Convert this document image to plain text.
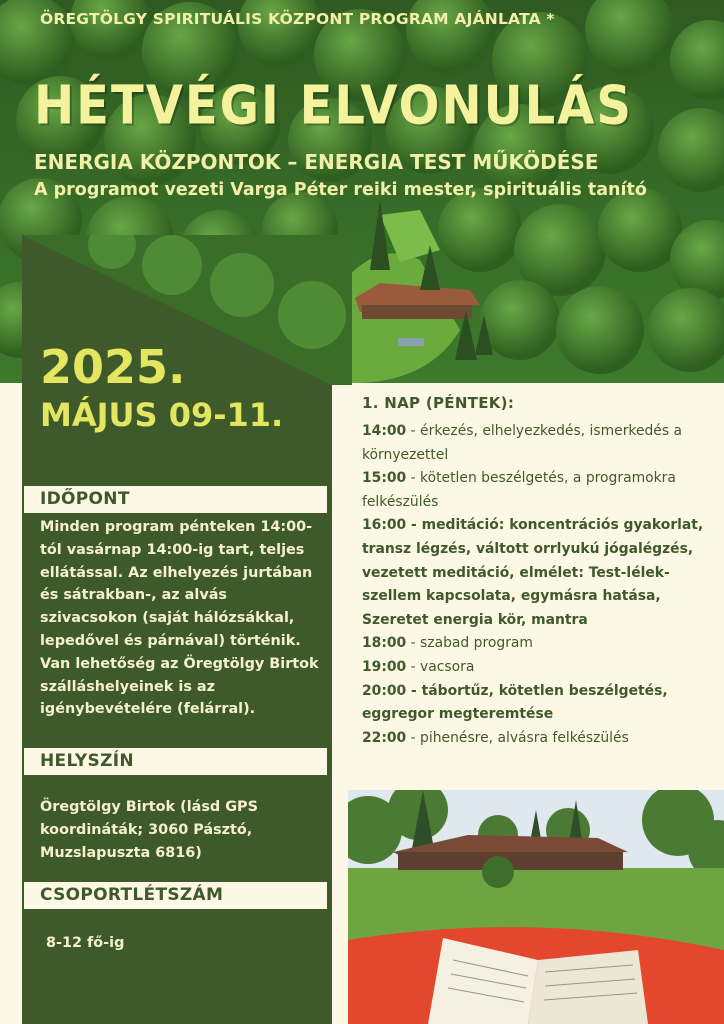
ÖREGTÖLGY SPIRITUÁLIS KÖZPONT PROGRAM AJÁNLATA *
HÉTVÉGI ELVONULÁS
ENERGIA KÖZPONTOK – ENERGIA TEST MŰKÖDÉSE
A programot vezeti Varga Péter reiki mester, spirituális tanító
2025.
MÁJUS 09-11.
IDŐPONT
Minden program pénteken 14:00-tól vasárnap 14:00-ig tart, teljes ellátással. Az elhelyezés jurtában és sátrakban-, az alvás szivacsokon (saját hálózsákkal, lepedővel és párnával) történik. Van lehetőség az Öregtölgy Birtok szálláshelyeinek is az igénybevételére (felárral).
HELYSZÍN
Öregtölgy Birtok (lásd GPS koordináták; 3060 Pásztó, Muzslapuszta 6816)
CSOPORTLÉTSZÁM
8-12 fő-ig
1. NAP (PÉNTEK):
14:00 - érkezés, elhelyezkedés, ismerkedés a környezettel
15:00 - kötetlen beszélgetés, a programokra felkészülés
16:00 - meditáció: koncentrációs gyakorlat, transz légzés, váltott orrlyukú jógalégzés, vezetett meditáció, elmélet: Test-lélek-szellem kapcsolata, egymásra hatása, Szeretet energia kör, mantra
18:00 - szabad program
19:00 - vacsora
20:00 - tábortűz, kötetlen beszélgetés, eggregor megteremtése
22:00 - pihenésre, alvásra felkészülés
